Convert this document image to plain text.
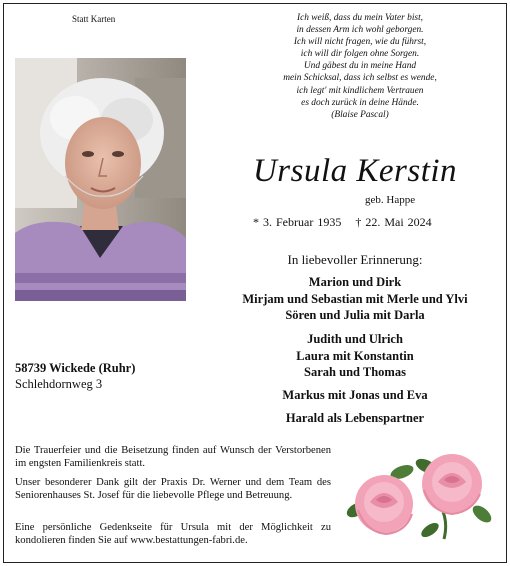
Statt Karten	Ich weiß, dass du mein Vater bist,
in dessen Arm ich wohl geborgen.
Ich will nicht fragen, wie du führst,
ich will dir folgen ohne Sorgen.
Und gäbest du in meine Hand
mein Schicksal, dass ich selbst es wende,
ich legt' mit kindlichem Vertrauen
es doch zurück in deine Hände.
(Blaise Pascal)
Ursula Kerstin
geb. Happe
* 3. Februar 1935 † 22. Mai 2024
In liebevoller Erinnerung:
Marion und Dirk
Mirjam und Sebastian mit Merle und Ylvi
Sören und Julia mit Darla
Judith und Ulrich
Laura mit Konstantin
Sarah und Thomas
Markus mit Jonas und Eva
Harald als Lebenspartner
58739 Wickede (Ruhr)
Schlehdornweg 3
Die Trauerfeier und die Beisetzung finden auf Wunsch der Verstorbenen im engsten Familienkreis statt.
Unser besonderer Dank gilt der Praxis Dr. Werner und dem Team des Seniorenhauses St. Josef für die liebevolle Pflege und Betreuung.
Eine persönliche Gedenkseite für Ursula mit der Möglichkeit zu kondolieren finden Sie auf www.bestattungen-fabri.de.
